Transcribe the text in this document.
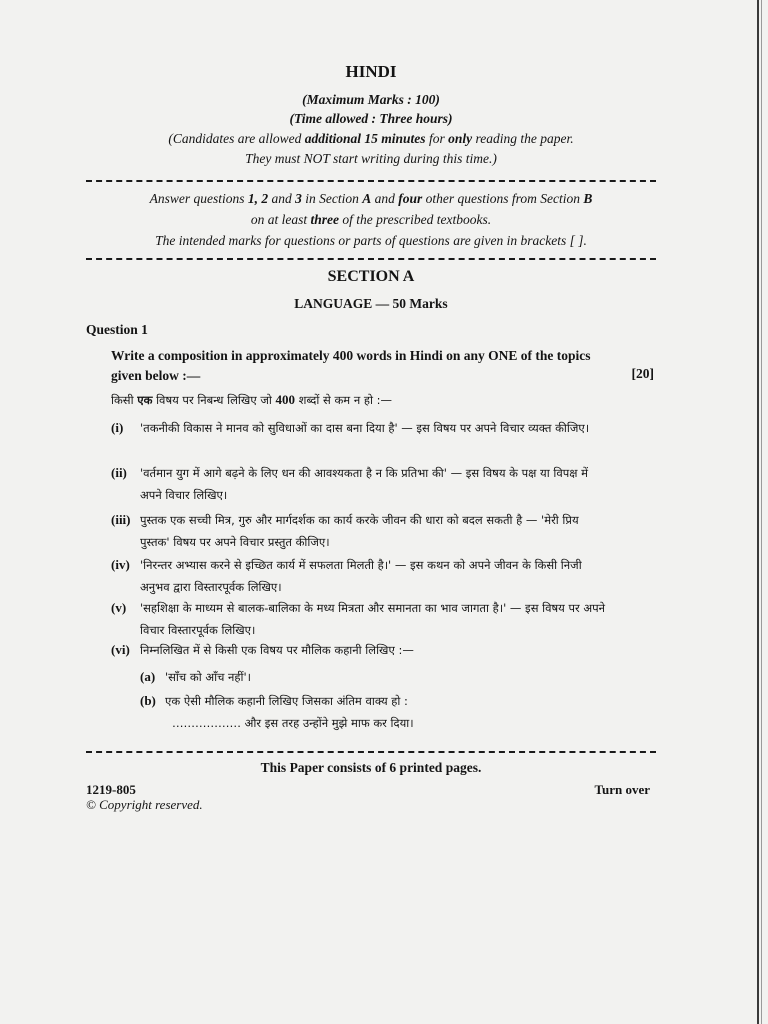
HINDI
(Maximum Marks : 100)
(Time allowed : Three hours)
(Candidates are allowed additional 15 minutes for only reading the paper.
They must NOT start writing during this time.)
Answer questions 1, 2 and 3 in Section A and four other questions from Section B
on at least three of the prescribed textbooks.
The intended marks for questions or parts of questions are given in brackets [ ].
SECTION A
LANGUAGE — 50 Marks
Question 1
Write a composition in approximately 400 words in Hindi on any ONE of the topics given below :—	[20]
किसी एक विषय पर निबन्ध लिखिए जो 400 शब्दों से कम न हो :—
(i) 'तकनीकी विकास ने मानव को सुविधाओं का दास बना दिया है' — इस विषय पर अपने विचार व्यक्त कीजिए।
(ii) 'वर्तमान युग में आगे बढ़ने के लिए धन की आवश्यकता है न कि प्रतिभा की' — इस विषय के पक्ष या विपक्ष में अपने विचार लिखिए।
(iii) पुस्तक एक सच्ची मित्र, गुरु और मार्गदर्शक का कार्य करके जीवन की धारा को बदल सकती है — 'मेरी प्रिय पुस्तक' विषय पर अपने विचार प्रस्तुत कीजिए।
(iv) 'निरन्तर अभ्यास करने से इच्छित कार्य में सफलता मिलती है।' — इस कथन को अपने जीवन के किसी निजी अनुभव द्वारा विस्तारपूर्वक लिखिए।
(v) 'सहशिक्षा के माध्यम से बालक-बालिका के मध्य मित्रता और समानता का भाव जागता है।' — इस विषय पर अपने विचार विस्तारपूर्वक लिखिए।
(vi) निम्नलिखित में से किसी एक विषय पर मौलिक कहानी लिखिए :—
(a) 'साँच को आँच नहीं'।
(b) एक ऐसी मौलिक कहानी लिखिए जिसका अंतिम वाक्य हो :
……………… और इस तरह उन्होंने मुझे माफ कर दिया।
This Paper consists of 6 printed pages.
1219-805
© Copyright reserved.
Turn over
